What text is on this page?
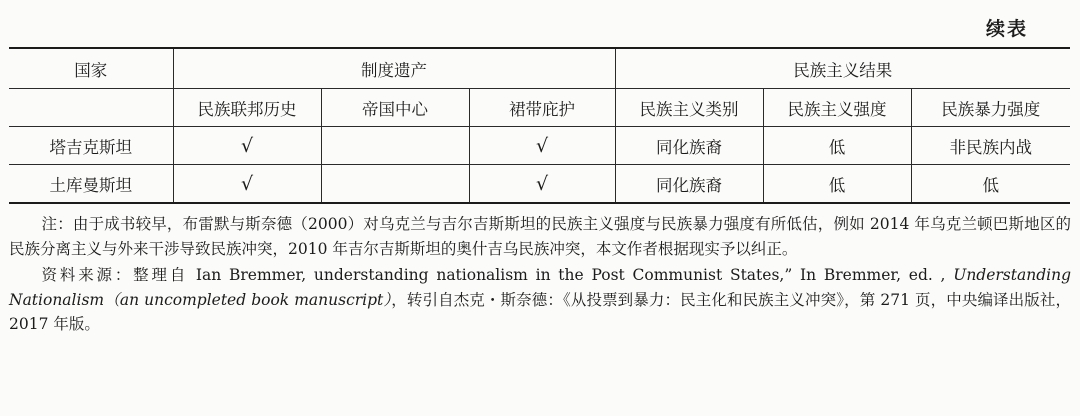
续表
国家	制度遗产			民族主义结果		
	民族联邦历史	帝国中心	裙带庇护	民族主义类别	民族主义强度	民族暴力强度
塔吉克斯坦	√		√	同化族裔	低	非民族内战
土库曼斯坦	√		√	同化族裔	低	低

注：由于成书较早，布雷默与斯奈德（2000）对乌克兰与吉尔吉斯斯坦的民族主义强度与民族暴力强度有所低估，例如 2014 年乌克兰顿巴斯地区的民族分离主义与外来干涉导致民族冲突，2010 年吉尔吉斯斯坦的奥什吉乌民族冲突，本文作者根据现实予以纠正。

资料来源：整理自 Ian Bremmer, understanding nationalism in the Post Communist States,” In Bremmer, ed. , Understanding Nationalism（an uncompleted book manuscript），转引自杰克・斯奈德：《从投票到暴力：民主化和民族主义冲突》，第 271 页，中央编译出版社，2017 年版。
